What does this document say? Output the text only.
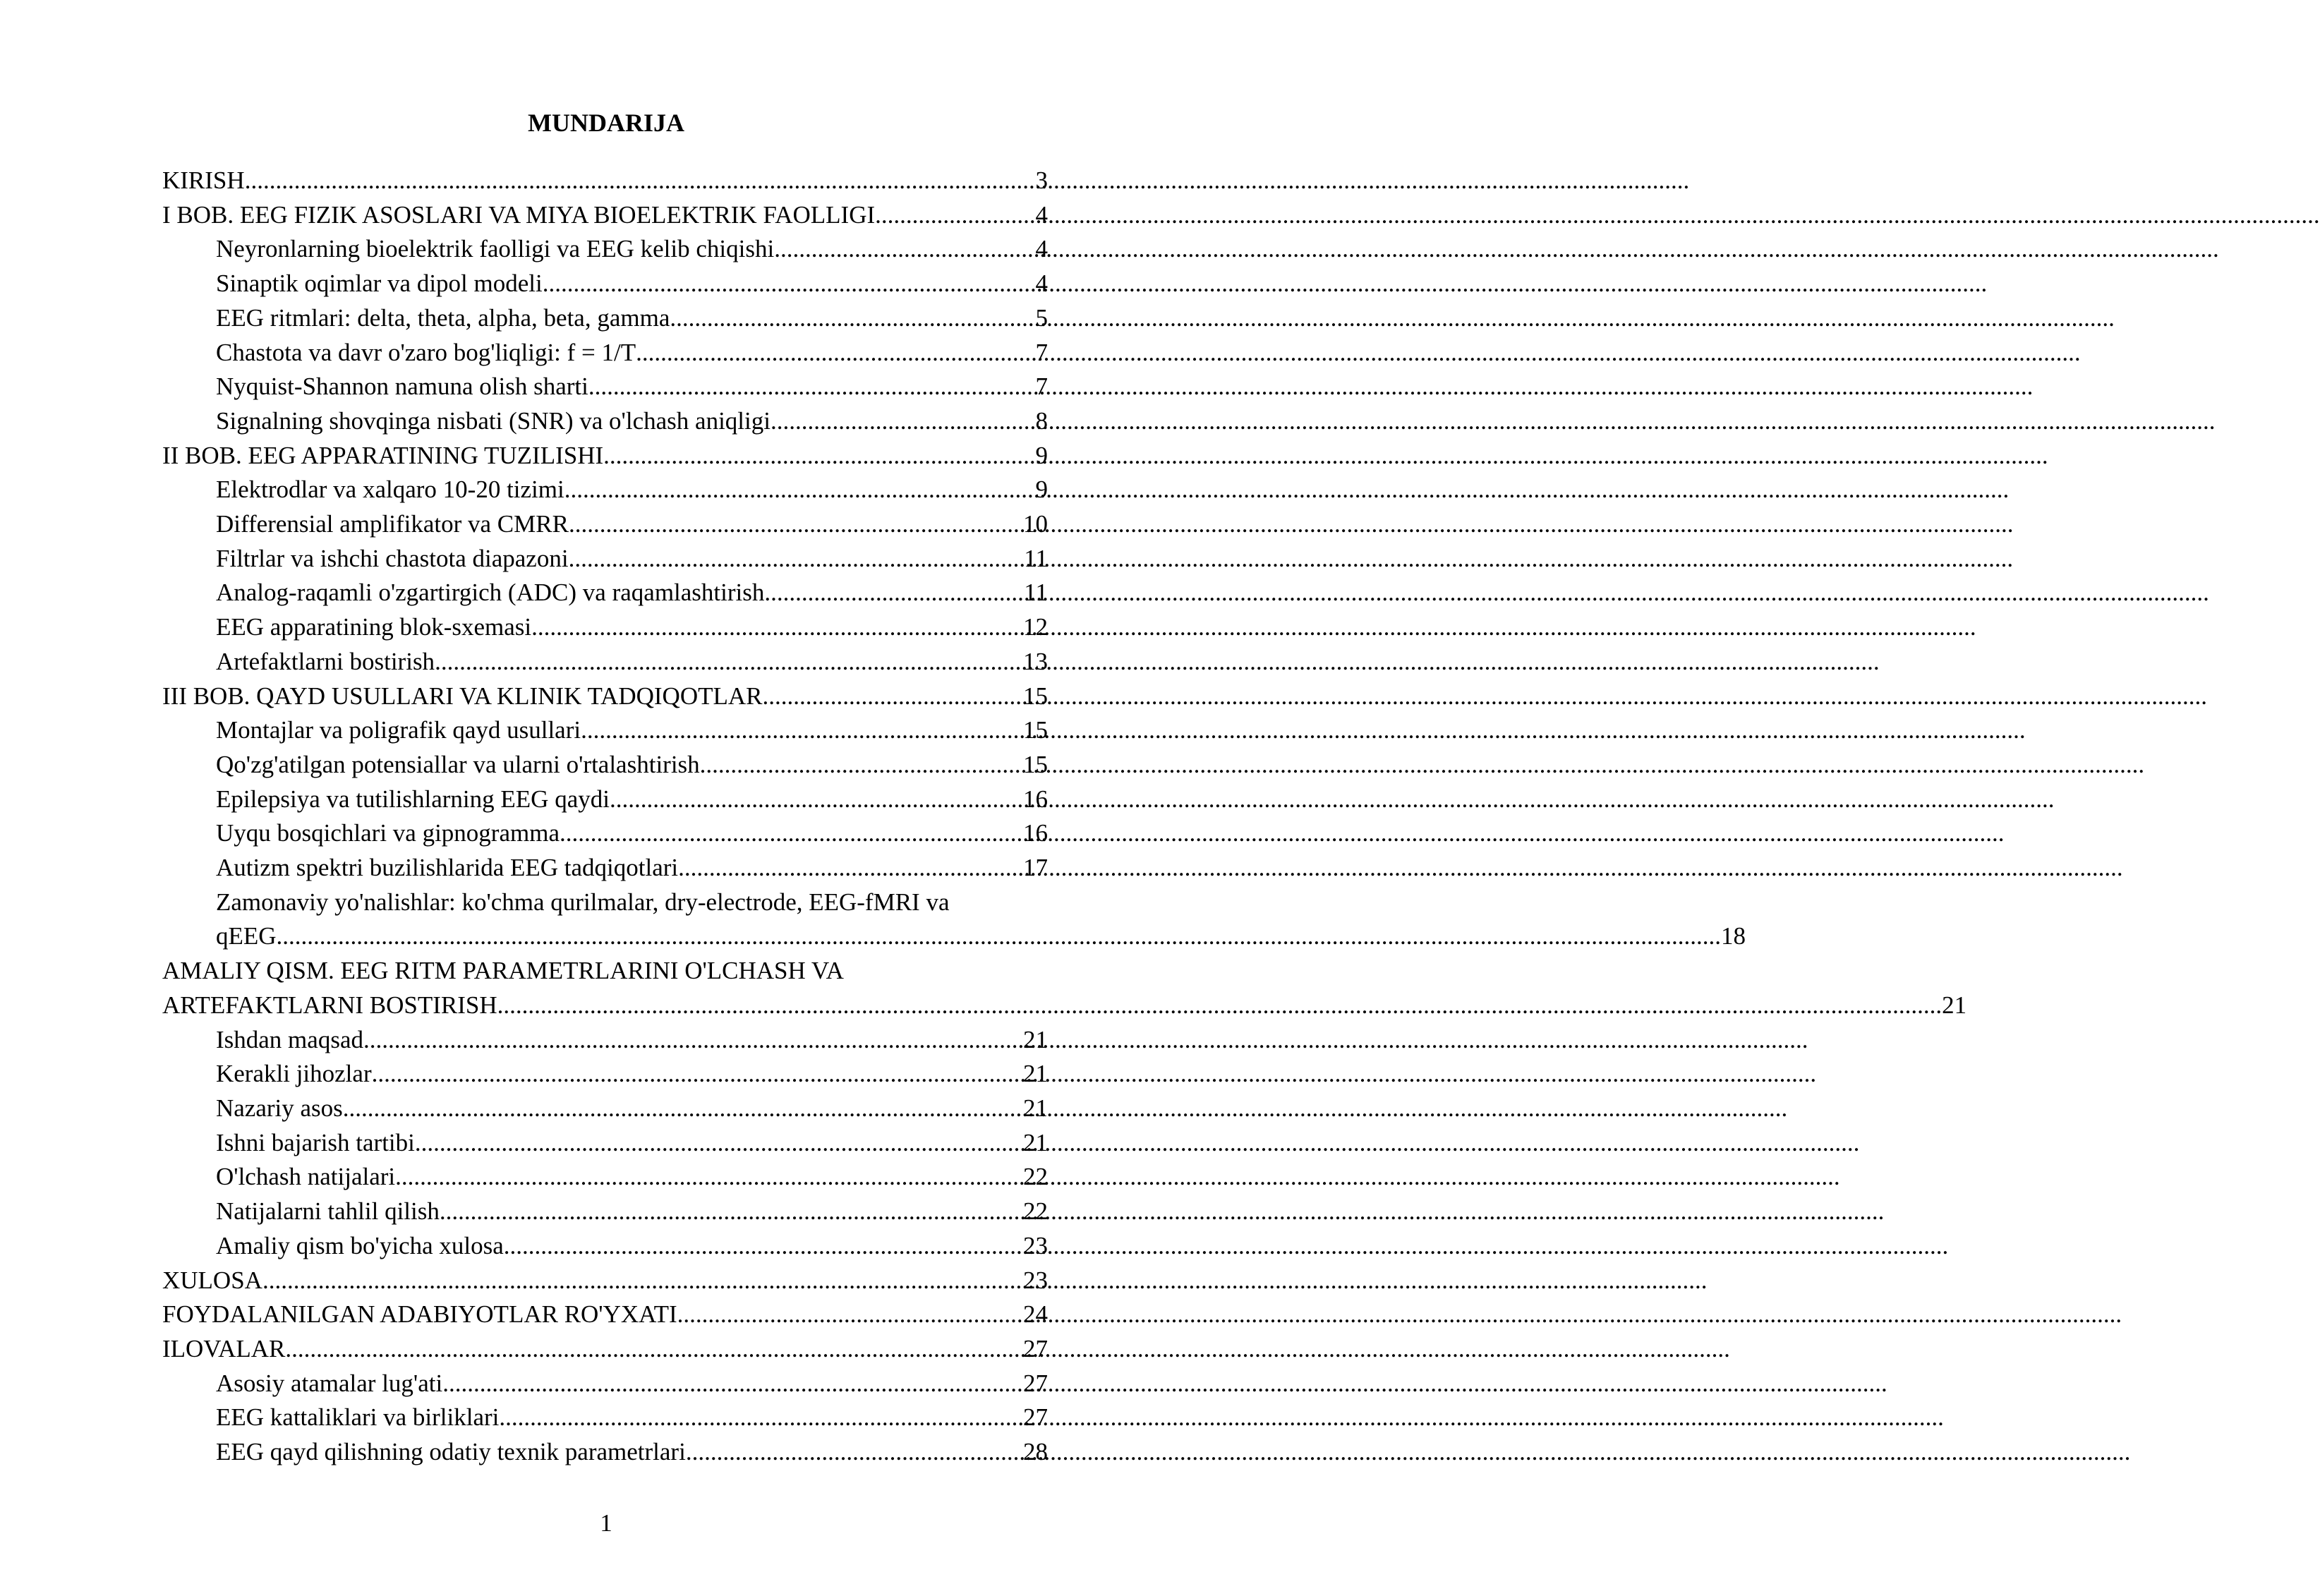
MUNDARIJA
KIRISH .....	3
I BOB. EEG FIZIK ASOSLARI VA MIYA BIOELEKTRIK FAOLLIGI .....	4
Neyronlarning bioelektrik faolligi va EEG kelib chiqishi .....	4
Sinaptik oqimlar va dipol modeli .....	4
EEG ritmlari: delta, theta, alpha, beta, gamma .....	5
Chastota va davr o'zaro bog'liqligi: f = 1/T .....	7
Nyquist-Shannon namuna olish sharti .....	7
Signalning shovqinga nisbati (SNR) va o'lchash aniqligi .....	8
II BOB. EEG APPARATINING TUZILISHI .....	9
Elektrodlar va xalqaro 10-20 tizimi .....	9
Differensial amplifikator va CMRR .....	10
Filtrlar va ishchi chastota diapazoni .....	11
Analog-raqamli o'zgartirgich (ADC) va raqamlashtirish .....	11
EEG apparatining blok-sxemasi .....	12
Artefaktlarni bostirish .....	13
III BOB. QAYD USULLARI VA KLINIK TADQIQOTLAR .....	15
Montajlar va poligrafik qayd usullari .....	15
Qo'zg'atilgan potensiallar va ularni o'rtalashtirish .....	15
Epilepsiya va tutilishlarning EEG qaydi .....	16
Uyqu bosqichlari va gipnogramma .....	16
Autizm spektri buzilishlarida EEG tadqiqotlari .....	17
Zamonaviy yo'nalishlar: ko'chma qurilmalar, dry-electrode, EEG-fMRI va
qEEG .....	18
AMALIY QISM. EEG RITM PARAMETRLARINI O'LCHASH VA
ARTEFAKTLARNI BOSTIRISH .....	21
Ishdan maqsad .....	21
Kerakli jihozlar .....	21
Nazariy asos .....	21
Ishni bajarish tartibi .....	21
O'lchash natijalari .....	22
Natijalarni tahlil qilish .....	22
Amaliy qism bo'yicha xulosa .....	23
XULOSA .....	23
FOYDALANILGAN ADABIYOTLAR RO'YXATI .....	24
ILOVALAR .....	27
Asosiy atamalar lug'ati .....	27
EEG kattaliklari va birliklari .....	27
EEG qayd qilishning odatiy texnik parametrlari .....	28
1
